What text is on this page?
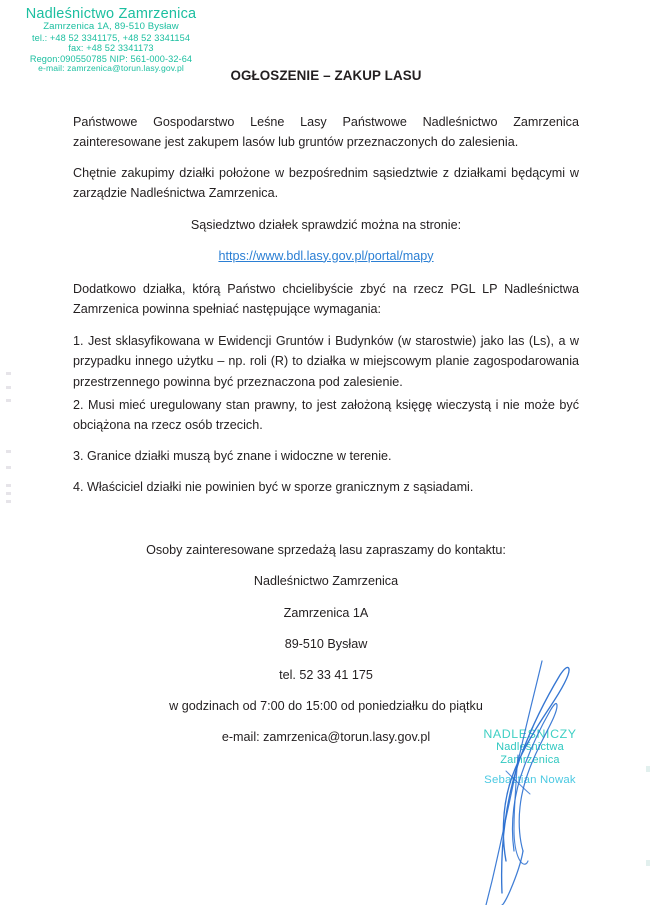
Nadleśnictwo Zamrzenica
Zamrzenica 1A, 89-510 Bysław
tel.: +48 52 3341175, +48 52 3341154
fax: +48 52 3341173
Regon:090550785 NIP: 561-000-32-64
e-mail: zamrzenica@torun.lasy.gov.pl
OGŁOSZENIE – ZAKUP LASU

Państwowe Gospodarstwo Leśne Lasy Państwowe Nadleśnictwo Zamrzenica zainteresowane jest zakupem lasów lub gruntów przeznaczonych do zalesienia.

Chętnie zakupimy działki położone w bezpośrednim sąsiedztwie z działkami będącymi w zarządzie Nadleśnictwa Zamrzenica.

Sąsiedztwo działek sprawdzić można na stronie:

https://www.bdl.lasy.gov.pl/portal/mapy

Dodatkowo działka, którą Państwo chcielibyście zbyć na rzecz PGL LP Nadleśnictwa Zamrzenica powinna spełniać następujące wymagania:

1. Jest sklasyfikowana w Ewidencji Gruntów i Budynków (w starostwie) jako las (Ls), a w przypadku innego użytku – np. roli (R) to działka w miejscowym planie zagospodarowania przestrzennego powinna być przeznaczona pod zalesienie.

2. Musi mieć uregulowany stan prawny, to jest założoną księgę wieczystą i nie może być obciążona na rzecz osób trzecich.

3. Granice działki muszą być znane i widoczne w terenie.

4. Właściciel działki nie powinien być w sporze granicznym z sąsiadami.

Osoby zainteresowane sprzedażą lasu zapraszamy do kontaktu:

Nadleśnictwo Zamrzenica

Zamrzenica 1A

89-510 Bysław

tel. 52 33 41 175

w godzinach od 7:00 do 15:00 od poniedziałku do piątku

e-mail: zamrzenica@torun.lasy.gov.pl	NADLEŚNICZY
Nadleśnictwa
Zamrzenica
Sebastian Nowak
